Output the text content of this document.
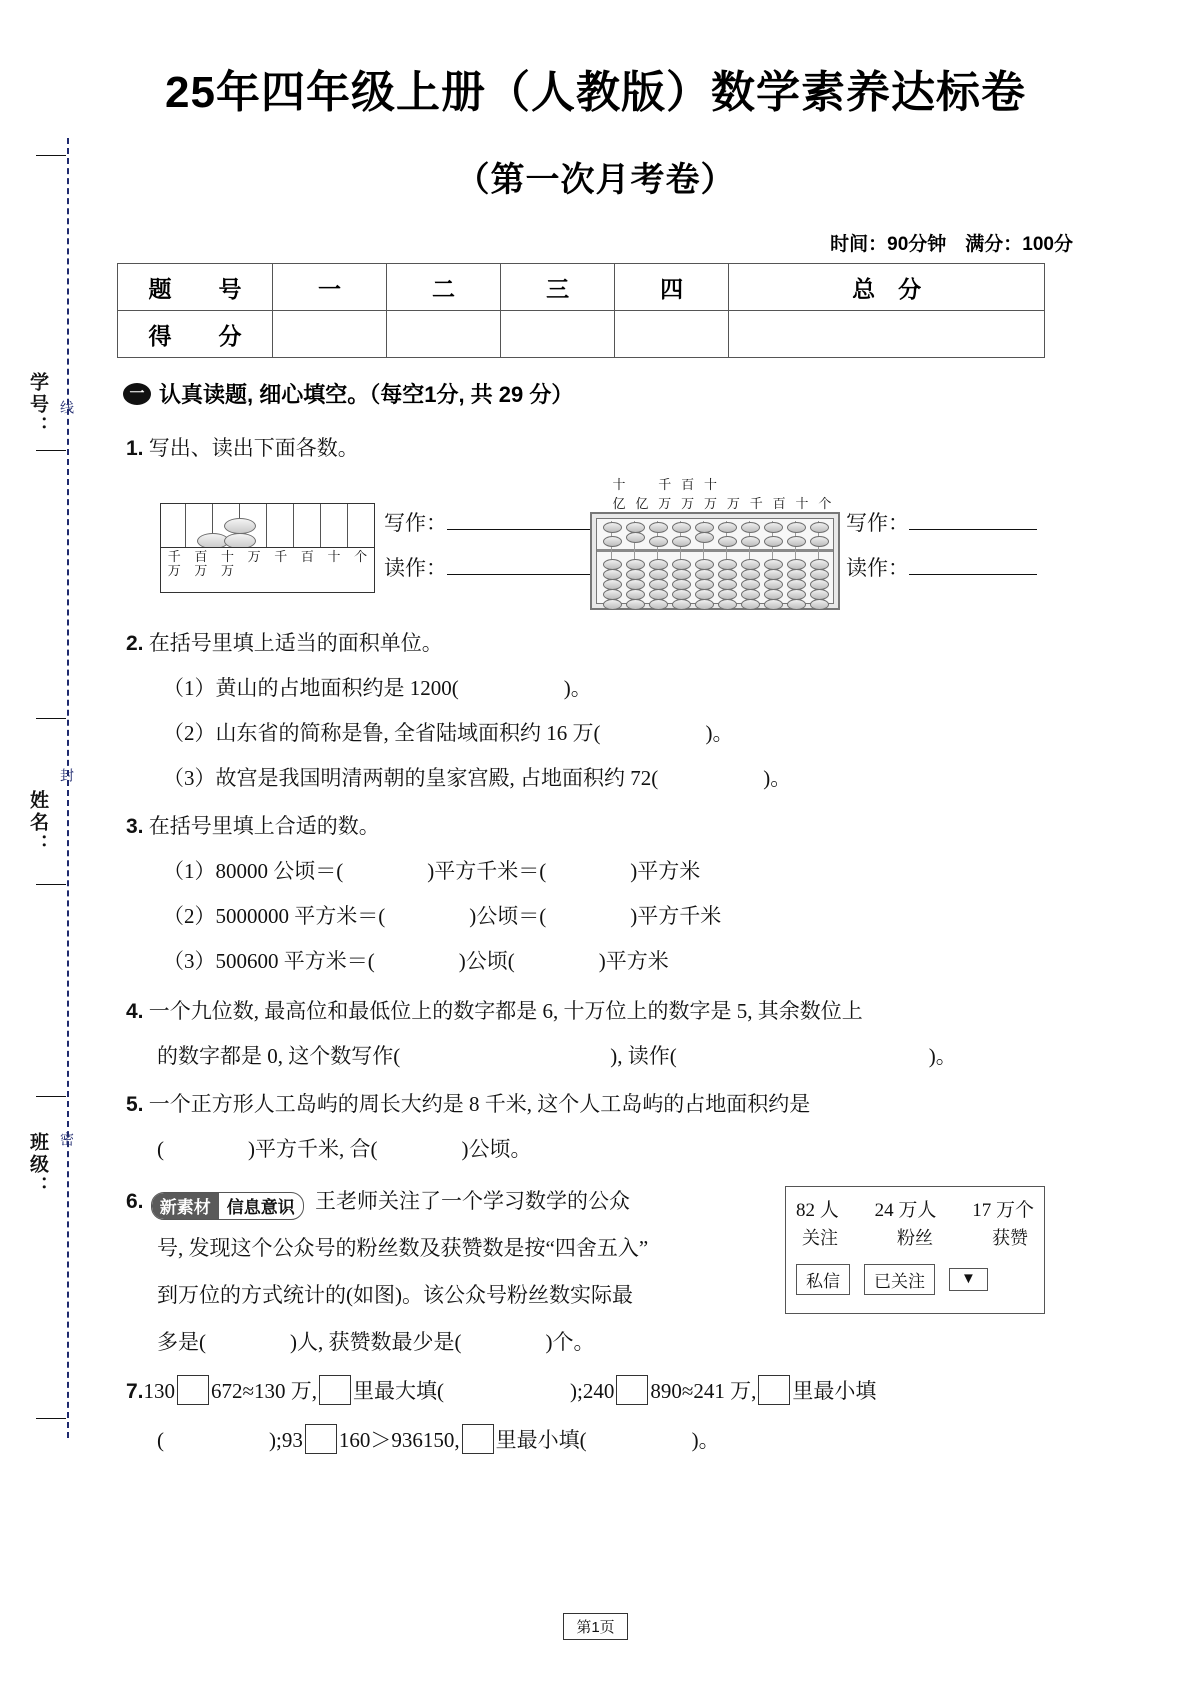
学号： 线
姓名：
封
班级： 密
25年四年级上册（人教版）数学素养达标卷
（第一次月考卷）
时间：90分钟　满分：100分
题　号	一	二	三	四	总　分
得　分					
一 认真读题, 细心填空。（每空1分, 共 29 分）
1. 写出、读出下面各数。
千
万
百
万
十
万
万 千 百 十 个
写作：
读作：
十	千 百 十
亿 亿 万 万 万 万 千 百 十 个
写作：
读作：
2. 在括号里填上适当的面积单位。
（1）黄山的占地面积约是 1200(　　　　　)。
（2）山东省的简称是鲁, 全省陆域面积约 16 万(　　　　　)。
（3）故宫是我国明清两朝的皇家宫殿, 占地面积约 72(　　　　　)。
3. 在括号里填上合适的数。
（1）80000 公顷＝(　　　　)平方千米＝(　　　　)平方米
（2）5000000 平方米＝(　　　　)公顷＝(　　　　)平方千米
（3）500600 平方米＝(　　　　)公顷(　　　　)平方米
4. 一个九位数, 最高位和最低位上的数字都是 6, 十万位上的数字是 5, 其余数位上
的数字都是 0, 这个数写作(　　　　　　　　　　), 读作(　　　　　　　　　　　　)。
5. 一个正方形人工岛屿的周长大约是 8 千米, 这个人工岛屿的占地面积约是
(　　　　)平方千米, 合(　　　　)公顷。
6. 新素材 信息意识 王老师关注了一个学习数学的公众
号, 发现这个公众号的粉丝数及获赞数是按“四舍五入”
到万位的方式统计的(如图)。该公众号粉丝数实际最
多是(　　　　)人, 获赞数最少是(　　　　)个。
82 人 24 万人 17 万个
关注	粉丝	获赞
私信	已关注	▼
7.130 672≈130 万, 里最大填(　　　　　　);240 890≈241 万, 里最小填
(　　　　　);93 160＞936150, 里最小填(　　　　　)。
第1页
